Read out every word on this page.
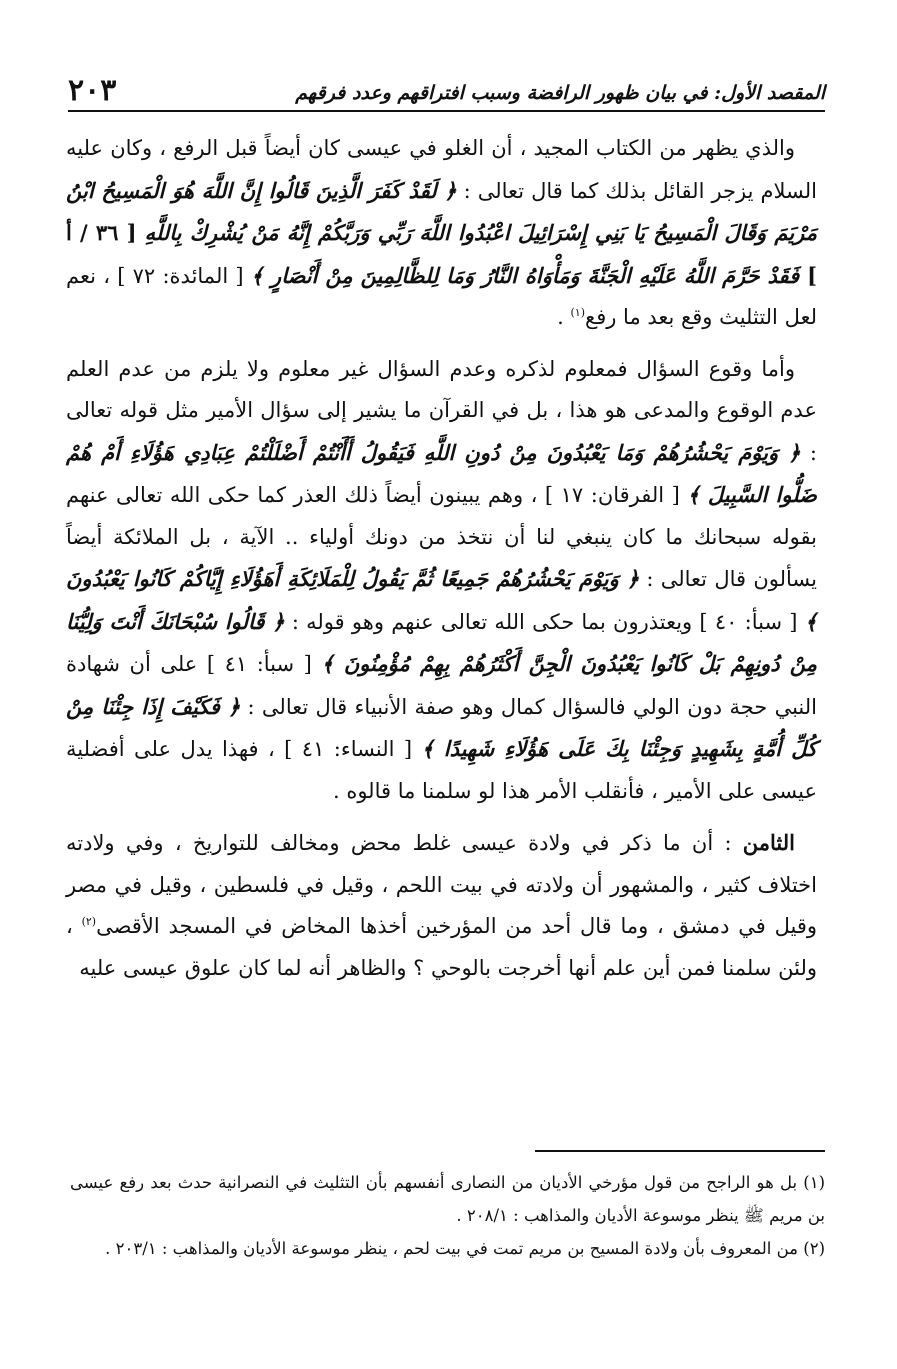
المقصد الأول: في بيان ظهور الرافضة وسبب افتراقهم وعدد فرقهم
٢٠٣

والذي يظهر من الكتاب المجيد ، أن الغلو في عيسى كان أيضاً قبل الرفع ، وكان عليه السلام يزجر القائل بذلك كما قال تعالى : ﴿ لَقَدْ كَفَرَ الَّذِينَ قَالُوا إِنَّ اللَّهَ هُوَ الْمَسِيحُ ابْنُ مَرْيَمَ وَقَالَ الْمَسِيحُ يَا بَنِي إِسْرَائِيلَ اعْبُدُوا اللَّهَ رَبِّي وَرَبَّكُمْ إِنَّهُ مَنْ يُشْرِكْ بِاللَّهِ [ ٣٦ / أ ] فَقَدْ حَرَّمَ اللَّهُ عَلَيْهِ الْجَنَّةَ وَمَأْوَاهُ النَّارُ وَمَا لِلظَّالِمِينَ مِنْ أَنْصَارٍ ﴾ [ المائدة: ٧٢ ] ، نعم لعل التثليث وقع بعد ما رفع$^{(١)}$ .

وأما وقوع السؤال فمعلوم لذكره وعدم السؤال غير معلوم ولا يلزم من عدم العلم عدم الوقوع والمدعى هو هذا ، بل في القرآن ما يشير إلى سؤال الأمير مثل قوله تعالى : ﴿ وَيَوْمَ يَحْشُرُهُمْ وَمَا يَعْبُدُونَ مِنْ دُونِ اللَّهِ فَيَقُولُ أَأَنْتُمْ أَضْلَلْتُمْ عِبَادِي هَؤُلَاءِ أَمْ هُمْ ضَلُّوا السَّبِيلَ ﴾ [ الفرقان: ١٧ ] ، وهم يبينون أيضاً ذلك العذر كما حكى الله تعالى عنهم بقوله سبحانك ما كان ينبغي لنا أن نتخذ من دونك أولياء .. الآية ، بل الملائكة أيضاً يسألون قال تعالى : ﴿ وَيَوْمَ يَحْشُرُهُمْ جَمِيعًا ثُمَّ يَقُولُ لِلْمَلَائِكَةِ أَهَؤُلَاءِ إِيَّاكُمْ كَانُوا يَعْبُدُونَ ﴾ [ سبأ: ٤٠ ] ويعتذرون بما حكى الله تعالى عنهم وهو قوله : ﴿ قَالُوا سُبْحَانَكَ أَنْتَ وَلِيُّنَا مِنْ دُونِهِمْ بَلْ كَانُوا يَعْبُدُونَ الْجِنَّ أَكْثَرُهُمْ بِهِمْ مُؤْمِنُونَ ﴾ [ سبأ: ٤١ ] على أن شهادة النبي حجة دون الولي فالسؤال كمال وهو صفة الأنبياء قال تعالى : ﴿ فَكَيْفَ إِذَا جِئْنَا مِنْ كُلِّ أُمَّةٍ بِشَهِيدٍ وَجِئْنَا بِكَ عَلَى هَؤُلَاءِ شَهِيدًا ﴾ [ النساء: ٤١ ] ، فهذا يدل على أفضلية عيسى على الأمير ، فأنقلب الأمر هذا لو سلمنا ما قالوه .

الثامن : أن ما ذكر في ولادة عيسى غلط محض ومخالف للتواريخ ، وفي ولادته اختلاف كثير ، والمشهور أن ولادته في بيت اللحم ، وقيل في فلسطين ، وقيل في مصر وقيل في دمشق ، وما قال أحد من المؤرخين أخذها المخاض في المسجد الأقصى$^{(٢)}$ ، ولئن سلمنا فمن أين علم أنها أخرجت بالوحي ؟ والظاهر أنه لما كان علوق عيسى عليه

(١) بل هو الراجح من قول مؤرخي الأديان من النصارى أنفسهم بأن التثليث في النصرانية حدث بعد رفع عيسى بن مريم ﷺ ينظر موسوعة الأديان والمذاهب : ٢٠٨/١ .

(٢) من المعروف بأن ولادة المسيح بن مريم تمت في بيت لحم ، ينظر موسوعة الأديان والمذاهب : ٢٠٣/١ .
